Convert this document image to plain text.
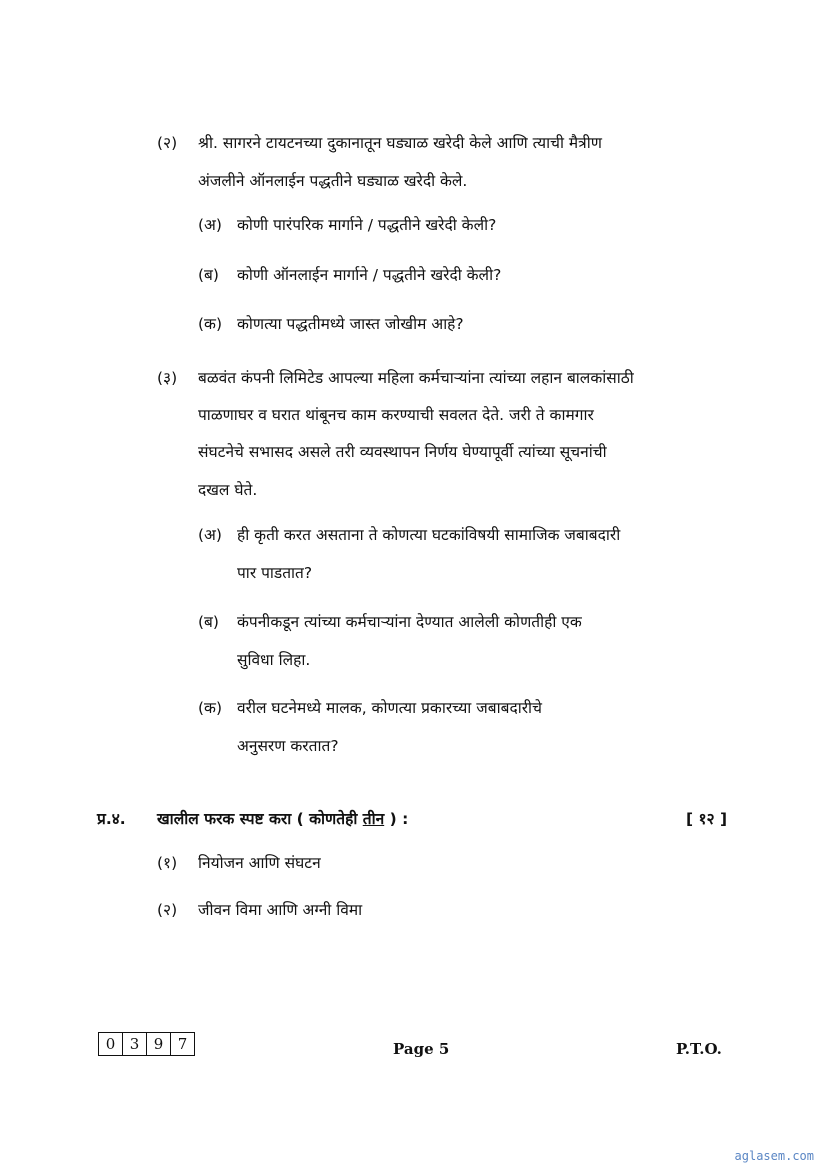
(२) श्री. सागरने टायटनच्या दुकानातून घड्याळ खरेदी केले आणि त्याची मैत्रीण
अंजलीने ऑनलाईन पद्धतीने घड्याळ खरेदी केले.
(अ) कोणी पारंपरिक मार्गाने / पद्धतीने खरेदी केली?
(ब) कोणी ऑनलाईन मार्गाने / पद्धतीने खरेदी केली?
(क) कोणत्या पद्धतीमध्ये जास्त जोखीम आहे?
(३) बळवंत कंपनी लिमिटेड आपल्या महिला कर्मचाऱ्यांना त्यांच्या लहान बालकांसाठी
पाळणाघर व घरात थांबूनच काम करण्याची सवलत देते. जरी ते कामगार
संघटनेचे सभासद असले तरी व्यवस्थापन निर्णय घेण्यापूर्वी त्यांच्या सूचनांची
दखल घेते.
(अ) ही कृती करत असताना ते कोणत्या घटकांविषयी सामाजिक जबाबदारी
पार पाडतात?
(ब) कंपनीकडून त्यांच्या कर्मचाऱ्यांना देण्यात आलेली कोणतीही एक
सुविधा लिहा.
(क) वरील घटनेमध्ये मालक, कोणत्या प्रकारच्या जबाबदारीचे
अनुसरण करतात?
प्र.४. खालील फरक स्पष्ट करा ( कोणतेही तीन ) :	[ १२ ]
(१) नियोजन आणि संघटन
(२) जीवन विमा आणि अग्नी विमा
0 3 9 7	Page 5	P.T.O.
aglasem.com
